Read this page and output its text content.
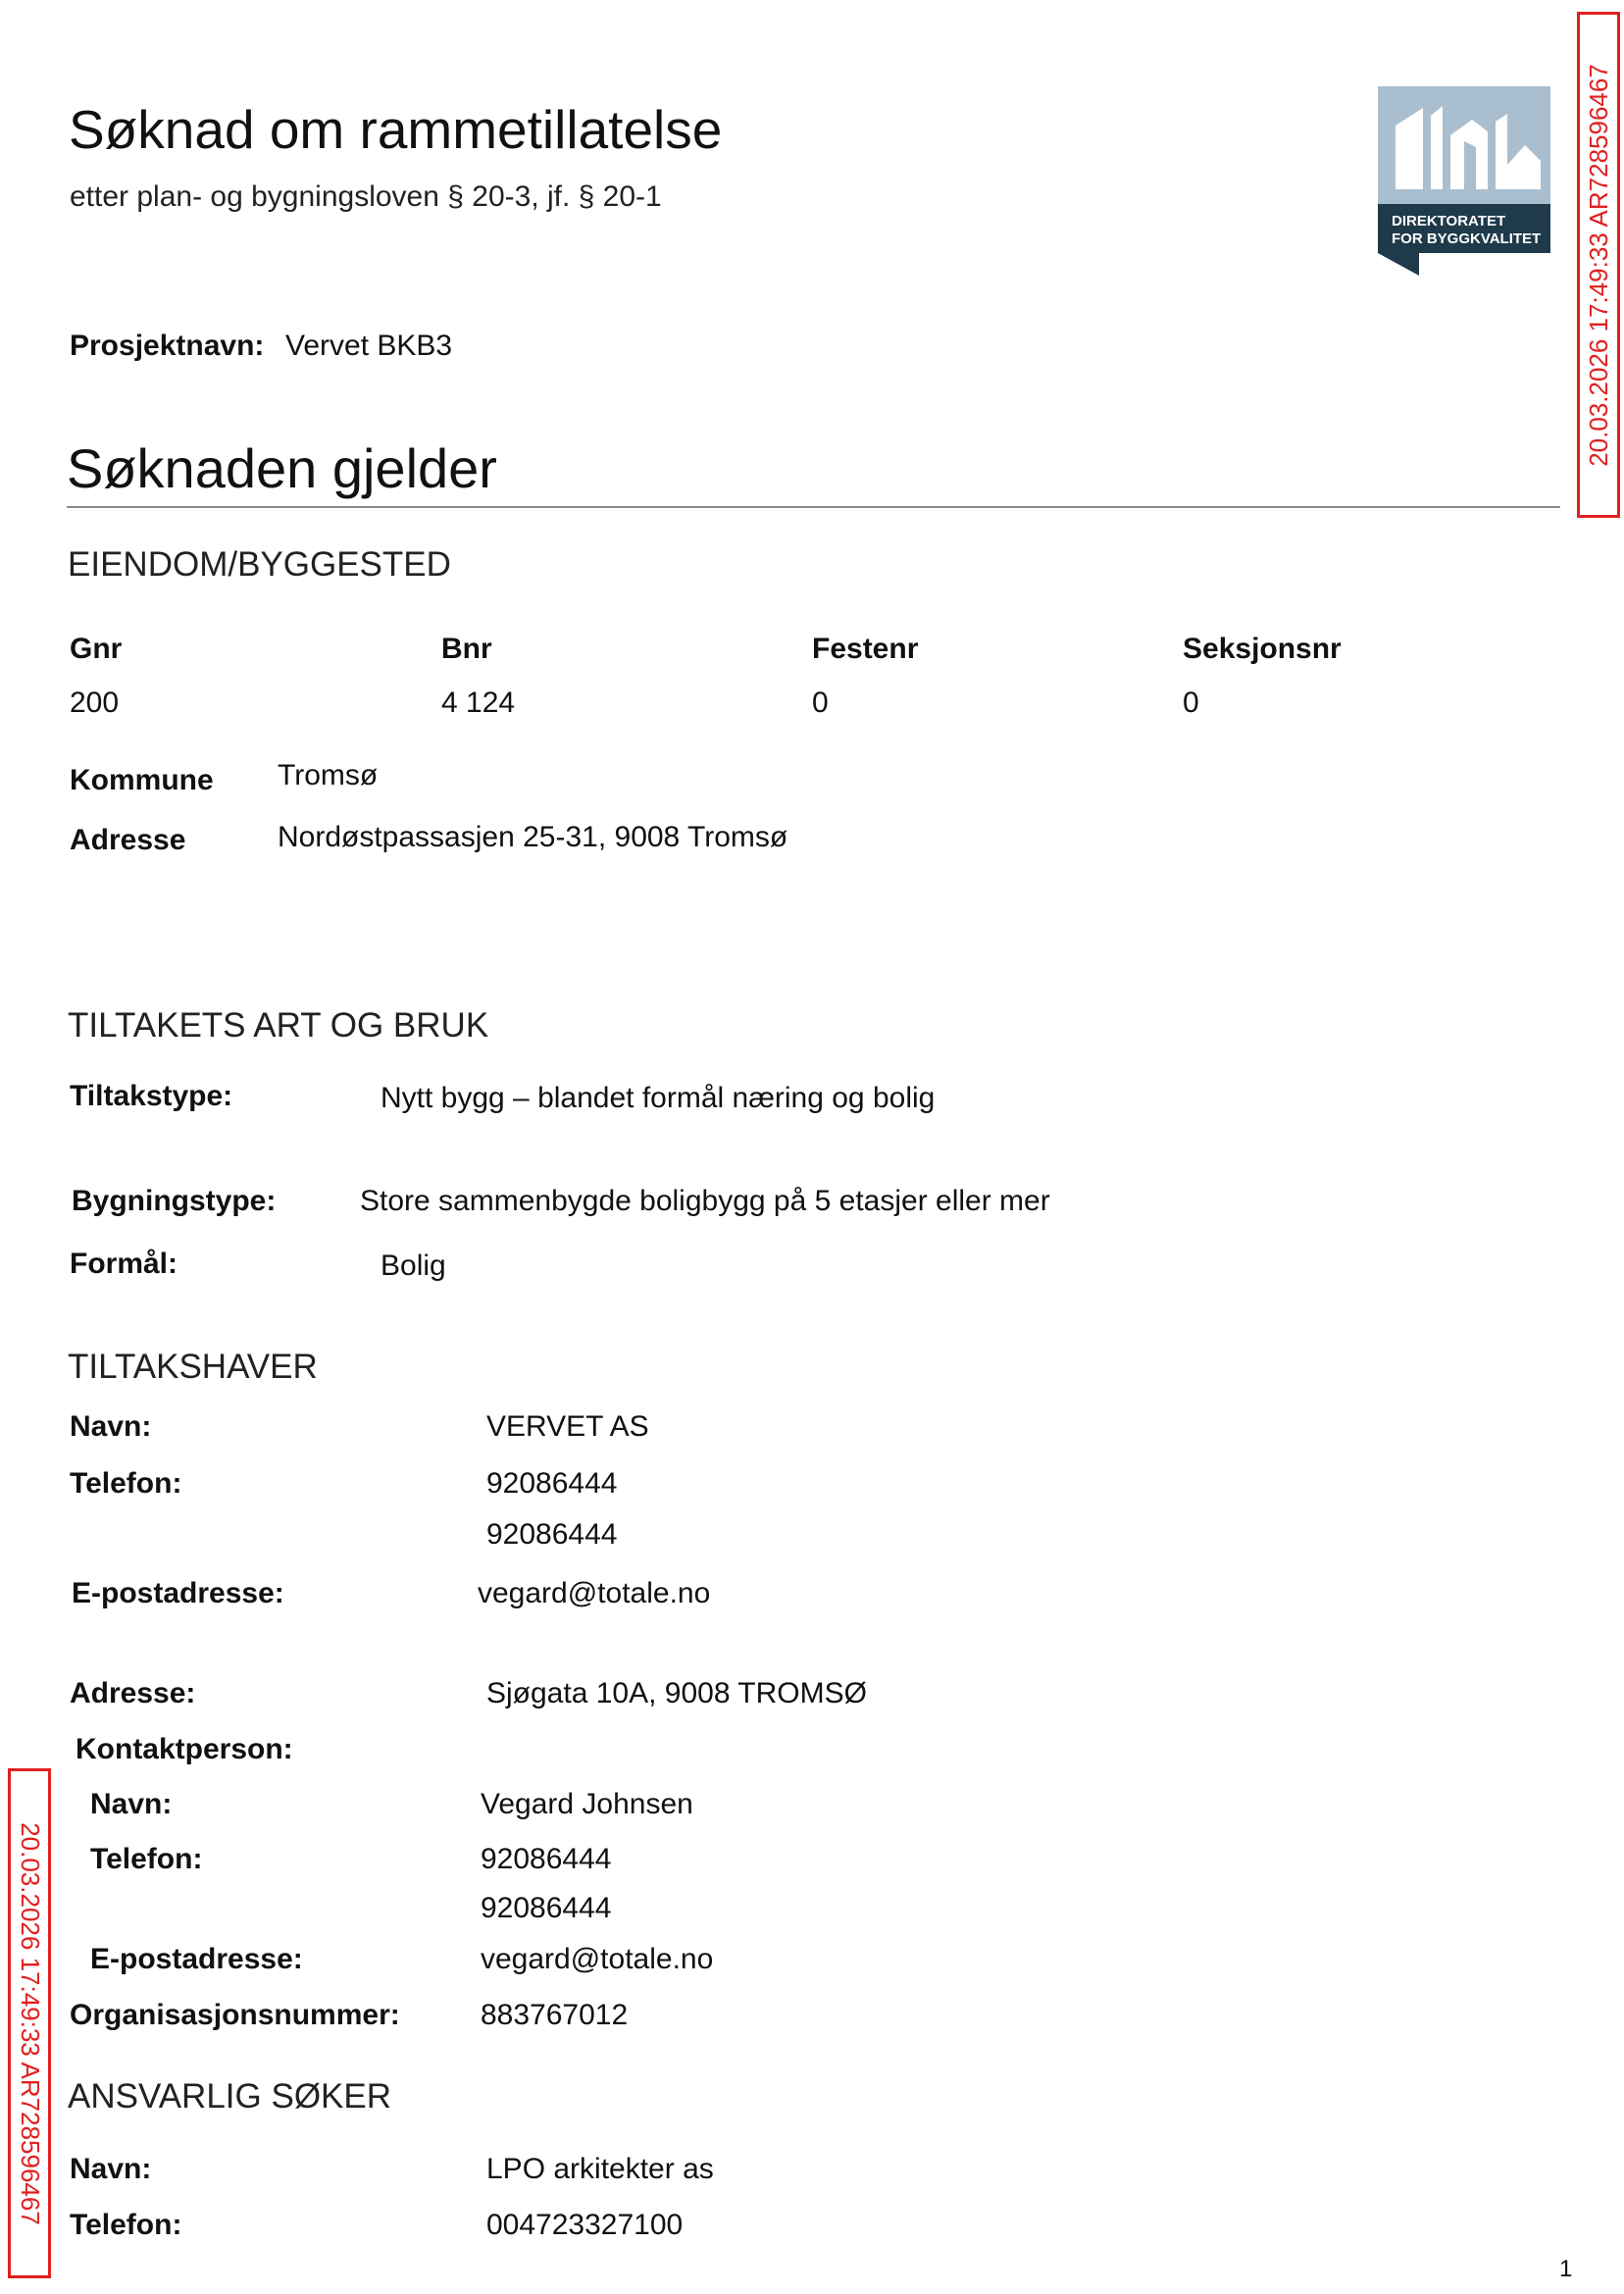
Søknad om rammetillatelse
etter plan- og bygningsloven § 20-3, jf. § 20-1
DIREKTORATET
FOR BYGGKVALITET 20.03.2026 17:49:33 AR728596467
20.03.2026 17:49:33 AR728596467
Prosjektnavn: Vervet BKB3
Søknaden gjelder
EIENDOM/BYGGESTED
Gnr	Bnr	Festenr	Seksjonsnr
200	4 124	0	0
Kommune Tromsø
Adresse	Nordøstpassasjen 25-31, 9008 Tromsø
TILTAKETS ART OG BRUK
Tiltakstype:	Nytt bygg – blandet formål næring og bolig
Bygningstype:	Store sammenbygde boligbygg på 5 etasjer eller mer
Formål:	Bolig
TILTAKSHAVER
Navn:	VERVET AS
Telefon:	92086444
92086444
E-postadresse:	vegard@totale.no
Adresse:	Sjøgata 10A, 9008 TROMSØ
Kontaktperson:
Navn:	Vegard Johnsen
Telefon:	92086444
92086444
E-postadresse:	vegard@totale.no
Organisasjonsnummer:	883767012
ANSVARLIG SØKER
Navn:	LPO arkitekter as
Telefon:	004723327100
1
